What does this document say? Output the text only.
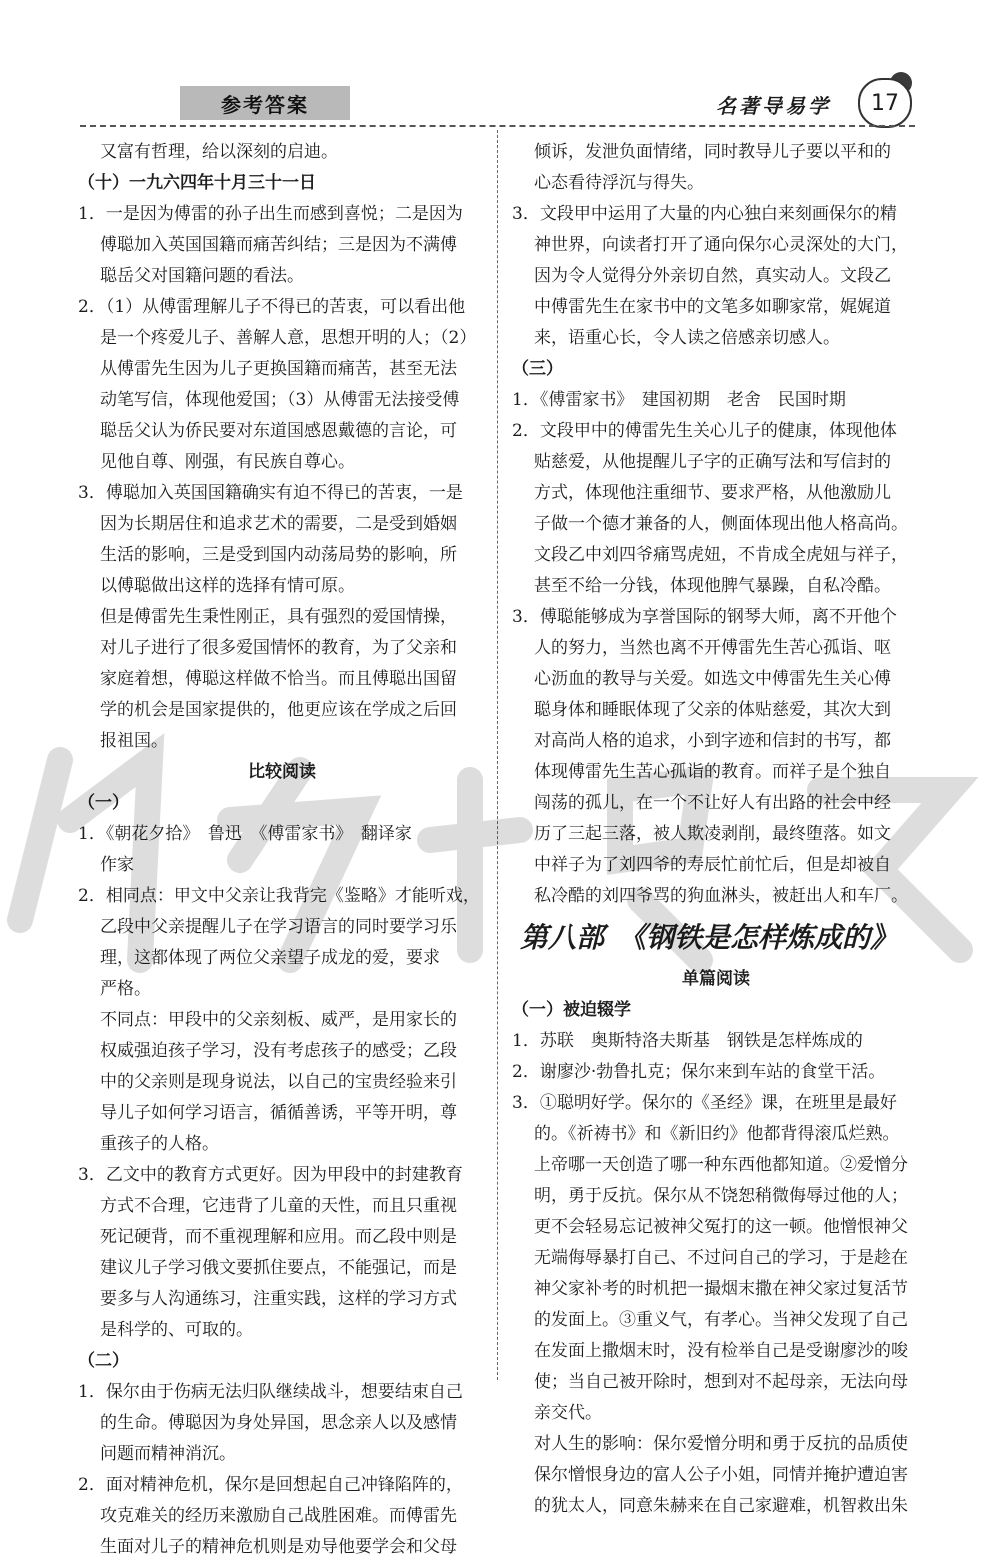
参考答案	名著导易学	17
又富有哲理，给以深刻的启迪。
（十）一九六四年十月三十一日
1．一是因为傅雷的孙子出生而感到喜悦；二是因为
傅聪加入英国国籍而痛苦纠结；三是因为不满傅
聪岳父对国籍问题的看法。
2．（1）从傅雷理解儿子不得已的苦衷，可以看出他
是一个疼爱儿子、善解人意，思想开明的人；（2）
从傅雷先生因为儿子更换国籍而痛苦，甚至无法
动笔写信，体现他爱国；（3）从傅雷无法接受傅
聪岳父认为侨民要对东道国感恩戴德的言论，可
见他自尊、刚强，有民族自尊心。
3．傅聪加入英国国籍确实有迫不得已的苦衷，一是
因为长期居住和追求艺术的需要，二是受到婚姻
生活的影响，三是受到国内动荡局势的影响，所
以傅聪做出这样的选择有情可原。
但是傅雷先生秉性刚正，具有强烈的爱国情操，
对儿子进行了很多爱国情怀的教育，为了父亲和
家庭着想，傅聪这样做不恰当。而且傅聪出国留
学的机会是国家提供的，他更应该在学成之后回
报祖国。
比较阅读
（一）
1．《朝花夕拾》　鲁迅　《傅雷家书》　翻译家
作家
2．相同点：甲文中父亲让我背完《鉴略》才能听戏，
乙段中父亲提醒儿子在学习语言的同时要学习乐
理，这都体现了两位父亲望子成龙的爱，要求
严格。
不同点：甲段中的父亲刻板、威严，是用家长的
权威强迫孩子学习，没有考虑孩子的感受；乙段
中的父亲则是现身说法，以自己的宝贵经验来引
导儿子如何学习语言，循循善诱，平等开明，尊
重孩子的人格。
3．乙文中的教育方式更好。因为甲段中的封建教育
方式不合理，它违背了儿童的天性，而且只重视
死记硬背，而不重视理解和应用。而乙段中则是
建议儿子学习俄文要抓住要点，不能强记，而是
要多与人沟通练习，注重实践，这样的学习方式
是科学的、可取的。
（二）
1．保尔由于伤病无法归队继续战斗，想要结束自己
的生命。傅聪因为身处异国，思念亲人以及感情
问题而精神消沉。
2．面对精神危机，保尔是回想起自己冲锋陷阵的，
攻克难关的经历来激励自己战胜困难。而傅雷先
生面对儿子的精神危机则是劝导他要学会和父母
倾诉，发泄负面情绪，同时教导儿子要以平和的
心态看待浮沉与得失。
3．文段甲中运用了大量的内心独白来刻画保尔的精
神世界，向读者打开了通向保尔心灵深处的大门，
因为令人觉得分外亲切自然，真实动人。文段乙
中傅雷先生在家书中的文笔多如聊家常，娓娓道
来，语重心长，令人读之倍感亲切感人。
（三）
1．《傅雷家书》　建国初期　老舍　民国时期
2．文段甲中的傅雷先生关心儿子的健康，体现他体
贴慈爱，从他提醒儿子字的正确写法和写信封的
方式，体现他注重细节、要求严格，从他激励儿
子做一个德才兼备的人，侧面体现出他人格高尚。
文段乙中刘四爷痛骂虎妞，不肯成全虎妞与祥子，
甚至不给一分钱，体现他脾气暴躁，自私冷酷。
3．傅聪能够成为享誉国际的钢琴大师，离不开他个
人的努力，当然也离不开傅雷先生苦心孤诣、呕
心沥血的教导与关爱。如选文中傅雷先生关心傅
聪身体和睡眠体现了父亲的体贴慈爱，其次大到
对高尚人格的追求，小到字迹和信封的书写，都
体现傅雷先生苦心孤诣的教育。而祥子是个独自
闯荡的孤儿，在一个不让好人有出路的社会中经
历了三起三落，被人欺凌剥削，最终堕落。如文
中祥子为了刘四爷的寿辰忙前忙后，但是却被自
私冷酷的刘四爷骂的狗血淋头，被赶出人和车厂。
第八部　《钢铁是怎样炼成的》
单篇阅读
（一）被迫辍学
1．苏联　奥斯特洛夫斯基　钢铁是怎样炼成的
2．谢廖沙·勃鲁扎克；保尔来到车站的食堂干活。
3．①聪明好学。保尔的《圣经》课，在班里是最好
的。《祈祷书》和《新旧约》他都背得滚瓜烂熟。
上帝哪一天创造了哪一种东西他都知道。②爱憎分
明，勇于反抗。保尔从不饶恕稍微侮辱过他的人；
更不会轻易忘记被神父冤打的这一顿。他憎恨神父
无端侮辱暴打自己、不过问自己的学习，于是趁在
神父家补考的时机把一撮烟末撒在神父家过复活节
的发面上。③重义气，有孝心。当神父发现了自己
在发面上撒烟末时，没有检举自己是受谢廖沙的唆
使；当自己被开除时，想到对不起母亲，无法向母
亲交代。
对人生的影响：保尔爱憎分明和勇于反抗的品质使
保尔憎恨身边的富人公子小姐，同情并掩护遭迫害
的犹太人，同意朱赫来在自己家避难，机智救出朱
